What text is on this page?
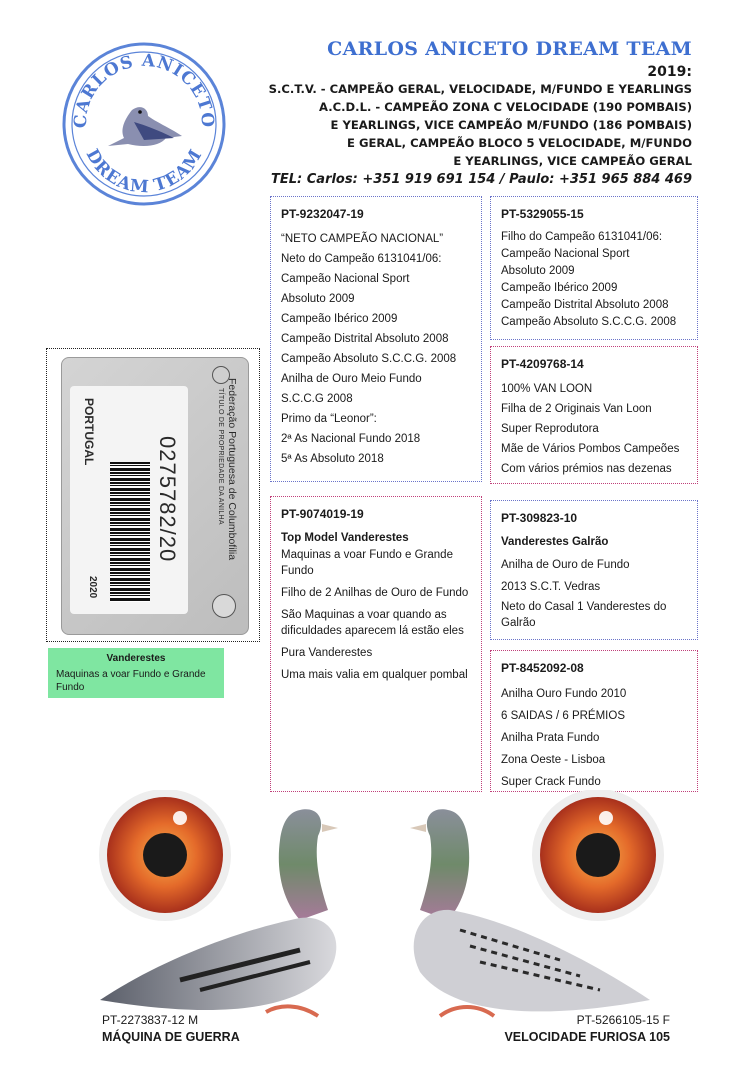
CARLOS ANICETO
DREAM TEAM

CARLOS ANICETO DREAM TEAM

2019:

S.C.T.V. - CAMPEÃO GERAL, VELOCIDADE, M/FUNDO E YEARLINGS

A.C.D.L. - CAMPEÃO ZONA C VELOCIDADE (190 POMBAIS)

E YEARLINGS, VICE CAMPEÃO M/FUNDO (186 POMBAIS)

E GERAL, CAMPEÃO BLOCO 5 VELOCIDADE, M/FUNDO

E YEARLINGS, VICE CAMPEÃO GERAL

TEL: Carlos: +351 919 691 154 / Paulo: +351 965 884 469

PT-9232047-19

“NETO CAMPEÃO NACIONAL”

Neto do Campeão 6131041/06:

Campeão Nacional Sport

Absoluto 2009

Campeão Ibérico 2009

Campeão Distrital Absoluto 2008

Campeão Absoluto S.C.C.G. 2008

Anilha de Ouro Meio Fundo

S.C.C.G 2008

Primo da “Leonor”:

2ª As Nacional Fundo 2018

5ª As Absoluto 2018

PT-5329055-15

Filho do Campeão 6131041/06:

Campeão Nacional Sport

Absoluto 2009

Campeão Ibérico 2009

Campeão Distrital Absoluto 2008

Campeão Absoluto S.C.C.G. 2008

PT-4209768-14

100% VAN LOON

Filha de 2 Originais Van Loon

Super Reprodutora

Mãe de Vários Pombos Campeões

Com vários prémios nas dezenas

PT-9074019-19
Top Model Vanderestes

Maquinas a voar Fundo e Grande Fundo

Filho de 2 Anilhas de Ouro de Fundo

São Maquinas a voar quando as dificuldades aparecem lá estão eles

Pura Vanderestes

Uma mais valia em qualquer pombal

PT-309823-10
Vanderestes Galrão

Anilha de Ouro de Fundo

2013 S.C.T. Vedras

Neto do Casal 1 Vanderestes do Galrão

PT-8452092-08

Anilha Ouro Fundo 2010

6 SAIDAS / 6 PRÉMIOS

Anilha Prata Fundo

Zona Oeste - Lisboa

Super Crack Fundo

PORTUGAL
0275782/20
2020
Federação Portuguesa de Columbofilia
TÍTULO DE PROPRIEDADE DA ANILHA
Vanderestes
Maquinas a voar Fundo e Grande Fundo
PT-2273837-12 M
MÁQUINA DE GUERRA
PT-5266105-15 F
VELOCIDADE FURIOSA 105
